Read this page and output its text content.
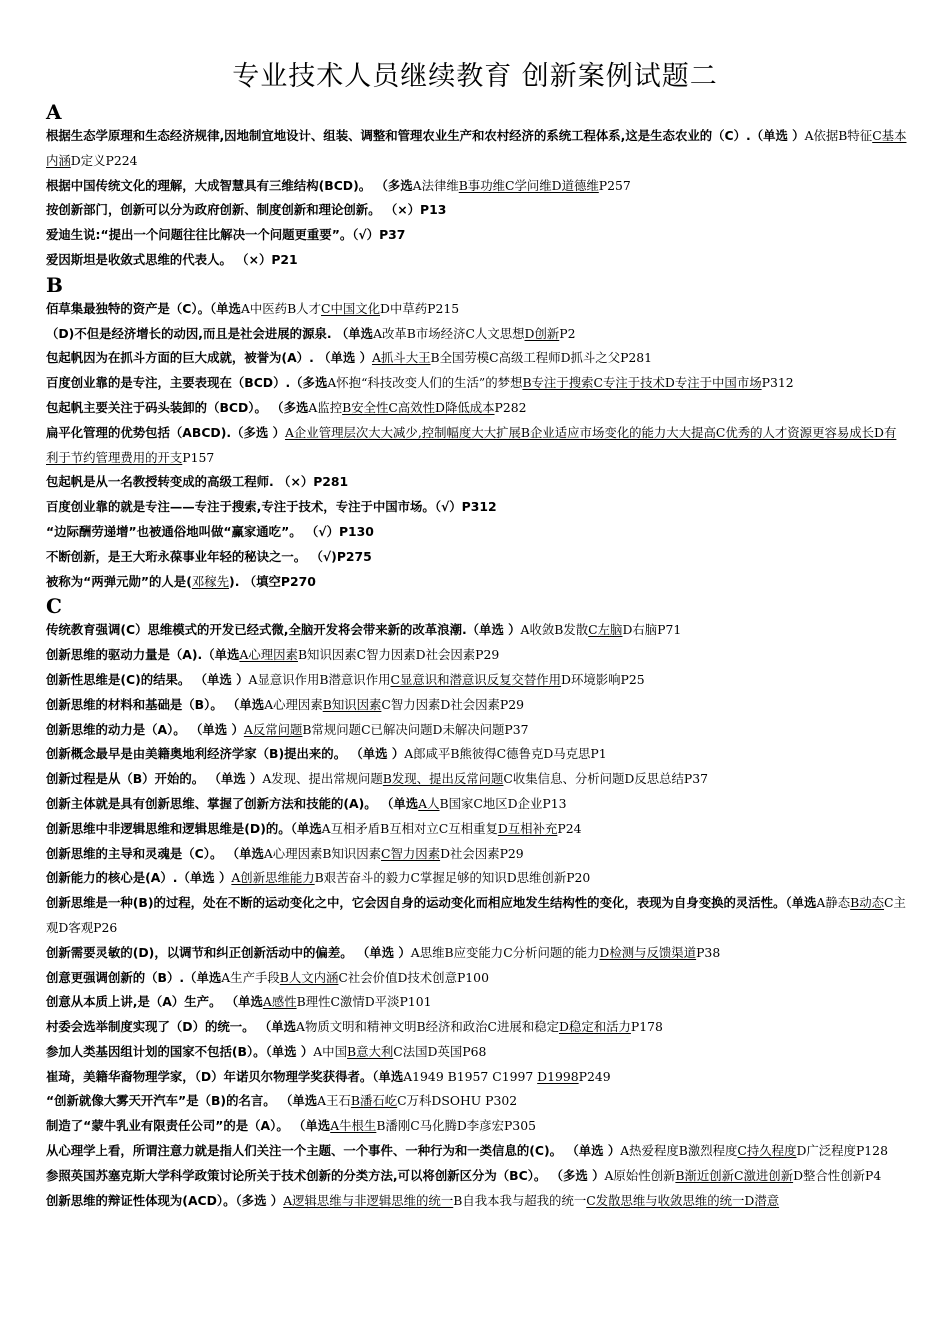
专业技术人员继续教育 创新案例试题二
A
根据生态学原理和生态经济规律,因地制宜地设计、组装、调整和管理农业生产和农村经济的系统工程体系,这是生态农业的（C）.（单选 ）A依据B特征C基本内涵D定义P224
根据中国传统文化的理解，大成智慧具有三维结构(BCD)。 （多选A法律维B事功维C学问维D道德维P257
按创新部门，创新可以分为政府创新、制度创新和理论创新。 （×）P13
爱迪生说:“提出一个问题往往比解决一个问题更重要”。（√）P37
爱因斯坦是收敛式思维的代表人。 （×）P21
B
佰草集最独特的资产是（C）。（单选A中医药B人才C中国文化D中草药P215
（D)不但是经济增长的动因,而且是社会进展的源泉. （单选A改革B市场经济C人文思想D创新P2
包起帆因为在抓斗方面的巨大成就，被誉为(A）. （单选 ）A抓斗大王B全国劳模C高级工程师D抓斗之父P281
百度创业靠的是专注，主要表现在（BCD）.（多选A怀抱“科技改变人们的生活”的梦想B专注于搜索C专注于技术D专注于中国市场P312
包起帆主要关注于码头装卸的（BCD）。 （多选A监控B安全性C高效性D降低成本P282
扁平化管理的优势包括（ABCD).（多选 ）A企业管理层次大大减少,控制幅度大大扩展B企业适应市场变化的能力大大提高C优秀的人才资源更容易成长D有利于节约管理费用的开支P157
包起帆是从一名教授转变成的高级工程师. （×）P281
百度创业靠的就是专注——专注于搜索,专注于技术，专注于中国市场。（√）P312
“边际酬劳递增”也被通俗地叫做“赢家通吃”。 （√）P130
不断创新，是王大珩永葆事业年轻的秘诀之一。 （√)P275
被称为“两弹元勋”的人是(邓稼先). （填空P270
C
传统教育强调(C）思维模式的开发已经式微,全脑开发将会带来新的改革浪潮.（单选 ）A收敛B发散C左脑D右脑P71
创新思维的驱动力量是（A).（单选A心理因素B知识因素C智力因素D社会因素P29
创新性思维是(C)的结果。 （单选 ）A显意识作用B潜意识作用C显意识和潜意识反复交替作用D环境影响P25
创新思维的材料和基础是（B）。 （单选A心理因素B知识因素C智力因素D社会因素P29
创新思维的动力是（A）。 （单选 ）A反常问题B常规问题C已解决问题D未解决问题P37
创新概念最早是由美籍奥地利经济学家（B)提出来的。 （单选 ）A郎咸平B熊彼得C德鲁克D马克思P1
创新过程是从（B）开始的。 （单选 ）A发现、提出常规问题B发现、提出反常问题C收集信息、分析问题D反思总结P37
创新主体就是具有创新思维、掌握了创新方法和技能的(A)。 （单选A人B国家C地区D企业P13
创新思维中非逻辑思维和逻辑思维是(D)的。（单选A互相矛盾B互相对立C互相重复D互相补充P24
创新思维的主导和灵魂是（C）。 （单选A心理因素B知识因素C智力因素D社会因素P29
创新能力的核心是(A）.（单选 ）A创新思维能力B艰苦奋斗的毅力C掌握足够的知识D思维创新P20
创新思维是一种(B)的过程，处在不断的运动变化之中，它会因自身的运动变化而相应地发生结构性的变化，表现为自身变换的灵活性。（单选A静态B动态C主观D客观P26
创新需要灵敏的(D)，以调节和纠正创新活动中的偏差。 （单选 ）A思维B应变能力C分析问题的能力D检测与反馈渠道P38
创意更强调创新的（B）.（单选A生产手段B人文内涵C社会价值D技术创意P100
创意从本质上讲,是（A）生产。 （单选A感性B理性C激情D平淡P101
村委会选举制度实现了（D）的统一。 （单选A物质文明和精神文明B经济和政治C进展和稳定D稳定和活力P178
参加人类基因组计划的国家不包括(B）。（单选 ）A中国B意大利C法国D英国P68
崔琦，美籍华裔物理学家，（D）年诺贝尔物理学奖获得者。（单选A1949 B1957 C1997 D1998P249
“创新就像大雾天开汽车”是（B)的名言。 （单选A王石B潘石屹C万科DSOHU P302
制造了“蒙牛乳业有限责任公司”的是（A）。 （单选A牛根生B潘刚C马化腾D李彦宏P305
从心理学上看，所谓注意力就是指人们关注一个主题、一个事件、一种行为和一类信息的(C)。 （单选 ）A热爱程度B激烈程度C持久程度D广泛程度P128
参照英国苏塞克斯大学科学政策讨论所关于技术创新的分类方法,可以将创新区分为（BC）。 （多选 ）A原始性创新B渐近创新C激进创新D整合性创新P4
创新思维的辩证性体现为(ACD）。（多选 ）A逻辑思维与非逻辑思维的统一B自我本我与超我的统一C发散思维与收敛思维的统一D潜意
